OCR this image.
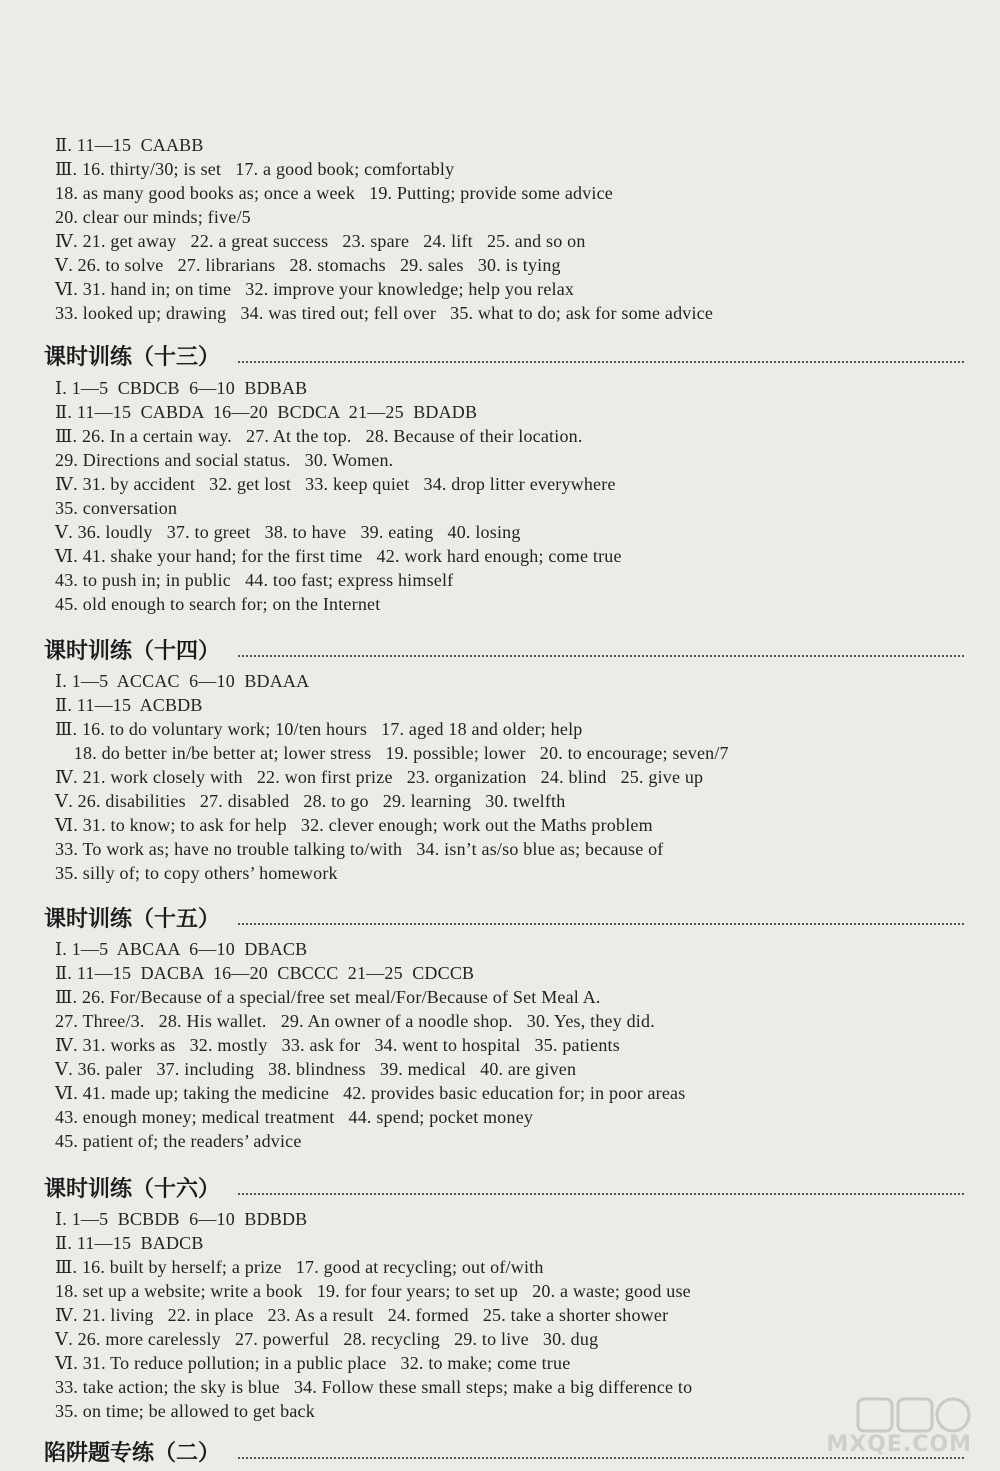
Ⅱ. 11—15  CAABB
Ⅲ. 16. thirty/30; is set   17. a good book; comfortably
18. as many good books as; once a week   19. Putting; provide some advice
20. clear our minds; five/5
Ⅳ. 21. get away   22. a great success   23. spare   24. lift   25. and so on
Ⅴ. 26. to solve   27. librarians   28. stomachs   29. sales   30. is tying
Ⅵ. 31. hand in; on time   32. improve your knowledge; help you relax
33. looked up; drawing   34. was tired out; fell over   35. what to do; ask for some advice
课时训练（十三）
Ⅰ. 1—5  CBDCB  6—10  BDBAB
Ⅱ. 11—15  CABDA  16—20  BCDCA  21—25  BDADB
Ⅲ. 26. In a certain way.   27. At the top.   28. Because of their location.
29. Directions and social status.   30. Women.
Ⅳ. 31. by accident   32. get lost   33. keep quiet   34. drop litter everywhere
35. conversation
Ⅴ. 36. loudly   37. to greet   38. to have   39. eating   40. losing
Ⅵ. 41. shake your hand; for the first time   42. work hard enough; come true
43. to push in; in public   44. too fast; express himself
45. old enough to search for; on the Internet
课时训练（十四）
Ⅰ. 1—5  ACCAC  6—10  BDAAA
Ⅱ. 11—15  ACBDB
Ⅲ. 16. to do voluntary work; 10/ten hours   17. aged 18 and older; help
18. do better in/be better at; lower stress   19. possible; lower   20. to encourage; seven/7
Ⅳ. 21. work closely with   22. won first prize   23. organization   24. blind   25. give up
Ⅴ. 26. disabilities   27. disabled   28. to go   29. learning   30. twelfth
Ⅵ. 31. to know; to ask for help   32. clever enough; work out the Maths problem
33. To work as; have no trouble talking to/with   34. isn’t as/so blue as; because of
35. silly of; to copy others’ homework
课时训练（十五）
Ⅰ. 1—5  ABCAA  6—10  DBACB
Ⅱ. 11—15  DACBA  16—20  CBCCC  21—25  CDCCB
Ⅲ. 26. For/Because of a special/free set meal/For/Because of Set Meal A.
27. Three/3.   28. His wallet.   29. An owner of a noodle shop.   30. Yes, they did.
Ⅳ. 31. works as   32. mostly   33. ask for   34. went to hospital   35. patients
Ⅴ. 36. paler   37. including   38. blindness   39. medical   40. are given
Ⅵ. 41. made up; taking the medicine   42. provides basic education for; in poor areas
43. enough money; medical treatment   44. spend; pocket money
45. patient of; the readers’ advice
课时训练（十六）
Ⅰ. 1—5  BCBDB  6—10  BDBDB
Ⅱ. 11—15  BADCB
Ⅲ. 16. built by herself; a prize   17. good at recycling; out of/with
18. set up a website; write a book   19. for four years; to set up   20. a waste; good use
Ⅳ. 21. living   22. in place   23. As a result   24. formed   25. take a shorter shower
Ⅴ. 26. more carelessly   27. powerful   28. recycling   29. to live   30. dug
Ⅵ. 31. To reduce pollution; in a public place   32. to make; come true
33. take action; the sky is blue   34. Follow these small steps; make a big difference to
35. on time; be allowed to get back
陷阱题专练（二）	MXQE.COM
